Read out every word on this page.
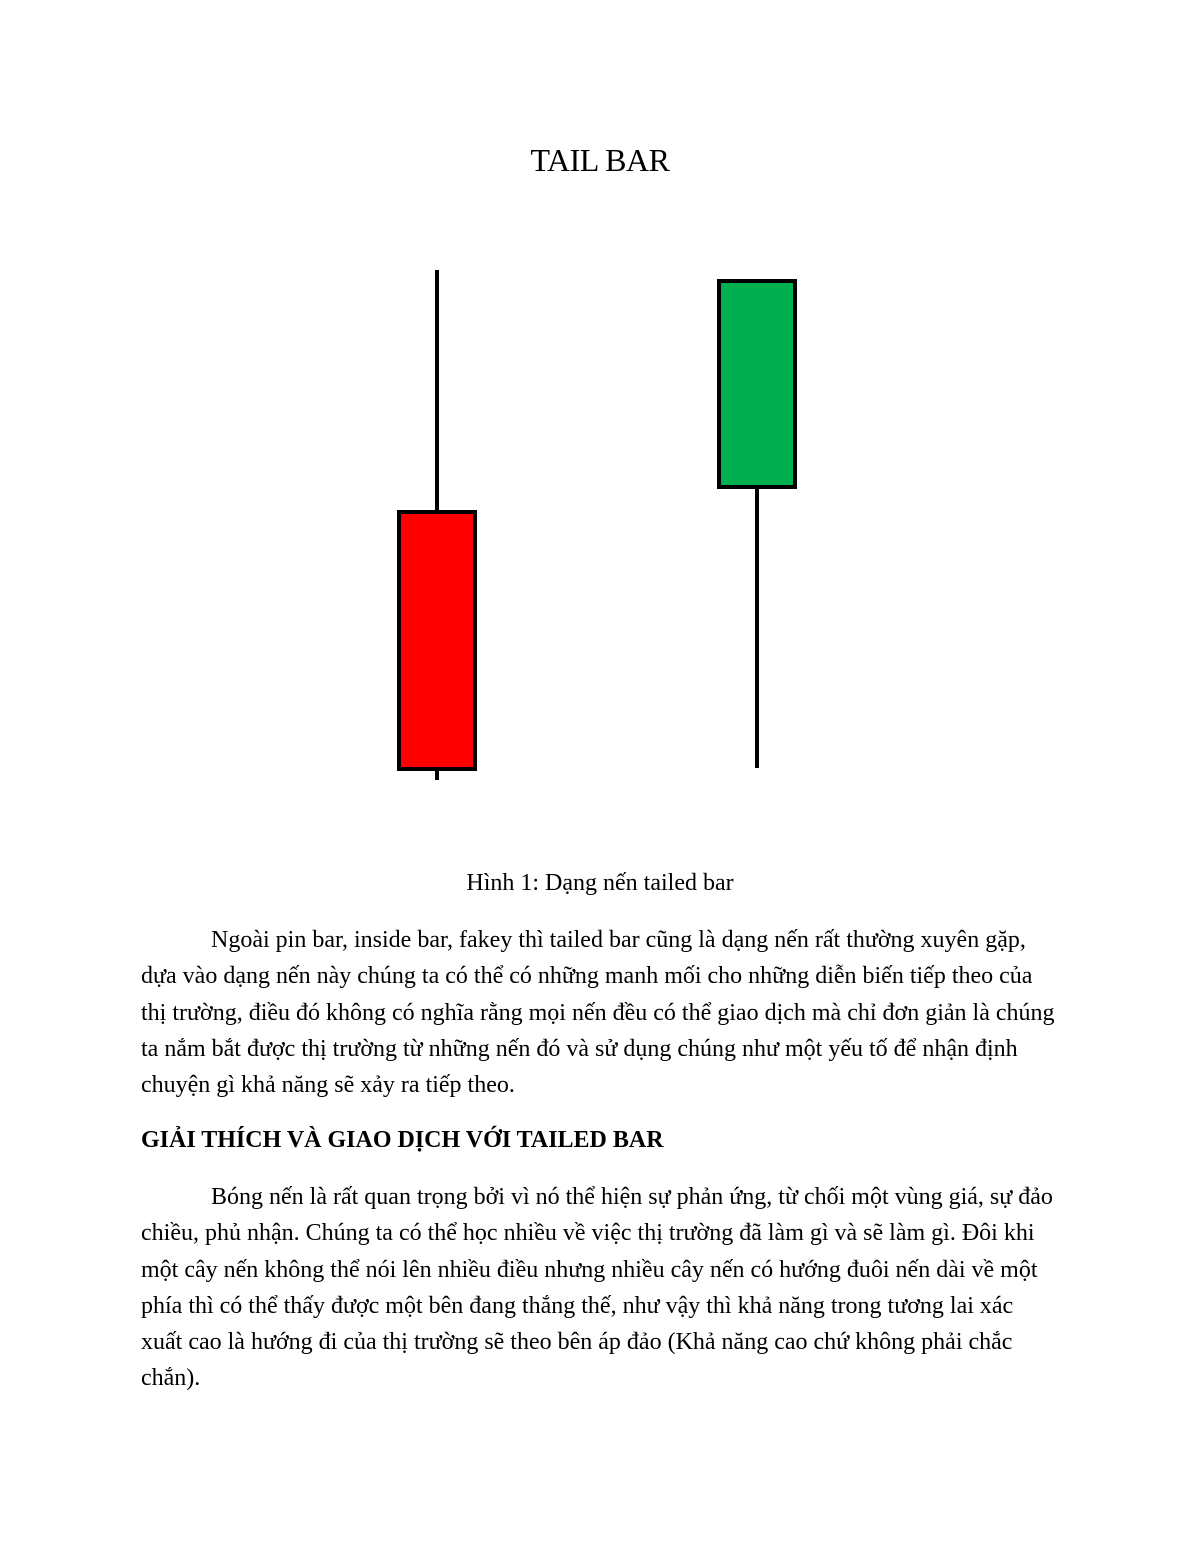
TAIL BAR
Hình 1: Dạng nến tailed bar

Ngoài pin bar, inside bar, fakey thì tailed bar cũng là dạng nến rất thường xuyên gặp, dựa vào dạng nến này chúng ta có thể có những manh mối cho những diễn biến tiếp theo của thị trường, điều đó không có nghĩa rằng mọi nến đều có thể giao dịch mà chỉ đơn giản là chúng ta nắm bắt được thị trường từ những nến đó và sử dụng chúng như một yếu tố để nhận định chuyện gì khả năng sẽ xảy ra tiếp theo.

GIẢI THÍCH VÀ GIAO DỊCH VỚI TAILED BAR

Bóng nến là rất quan trọng bởi vì nó thể hiện sự phản ứng, từ chối một vùng giá, sự đảo chiều, phủ nhận. Chúng ta có thể học nhiều về việc thị trường đã làm gì và sẽ làm gì. Đôi khi một cây nến không thể nói lên nhiều điều nhưng nhiều cây nến có hướng đuôi nến dài về một phía thì có thể thấy được một bên đang thắng thế, như vậy thì khả năng trong tương lai xác xuất cao là hướng đi của thị trường sẽ theo bên áp đảo (Khả năng cao chứ không phải chắc chắn).
